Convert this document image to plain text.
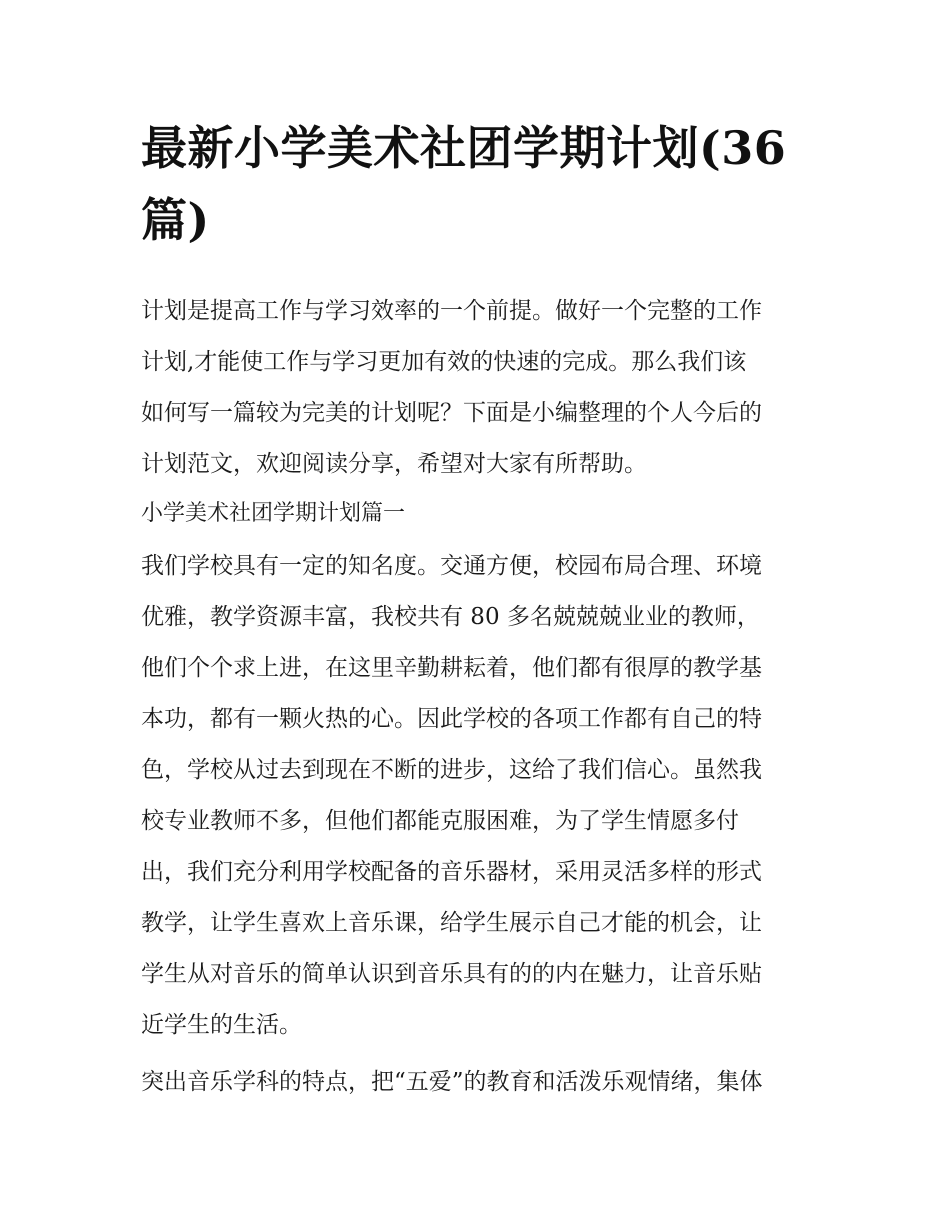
最新小学美术社团学期计划(36
篇)

计划是提高工作与学习效率的一个前提。做好一个完整的工作
计划,才能使工作与学习更加有效的快速的完成。那么我们该
如何写一篇较为完美的计划呢？下面是小编整理的个人今后的
计划范文，欢迎阅读分享，希望对大家有所帮助。

小学美术社团学期计划篇一

我们学校具有一定的知名度。交通方便，校园布局合理、环境
优雅，教学资源丰富，我校共有 80 多名兢兢兢业业的教师，
他们个个求上进，在这里辛勤耕耘着，他们都有很厚的教学基
本功，都有一颗火热的心。因此学校的各项工作都有自己的特
色，学校从过去到现在不断的进步，这给了我们信心。虽然我
校专业教师不多，但他们都能克服困难，为了学生情愿多付
出，我们充分利用学校配备的音乐器材，采用灵活多样的形式
教学，让学生喜欢上音乐课，给学生展示自己才能的机会，让
学生从对音乐的简单认识到音乐具有的的内在魅力，让音乐贴
近学生的生活。

突出音乐学科的特点，把“五爱”的教育和活泼乐观情绪，集体
